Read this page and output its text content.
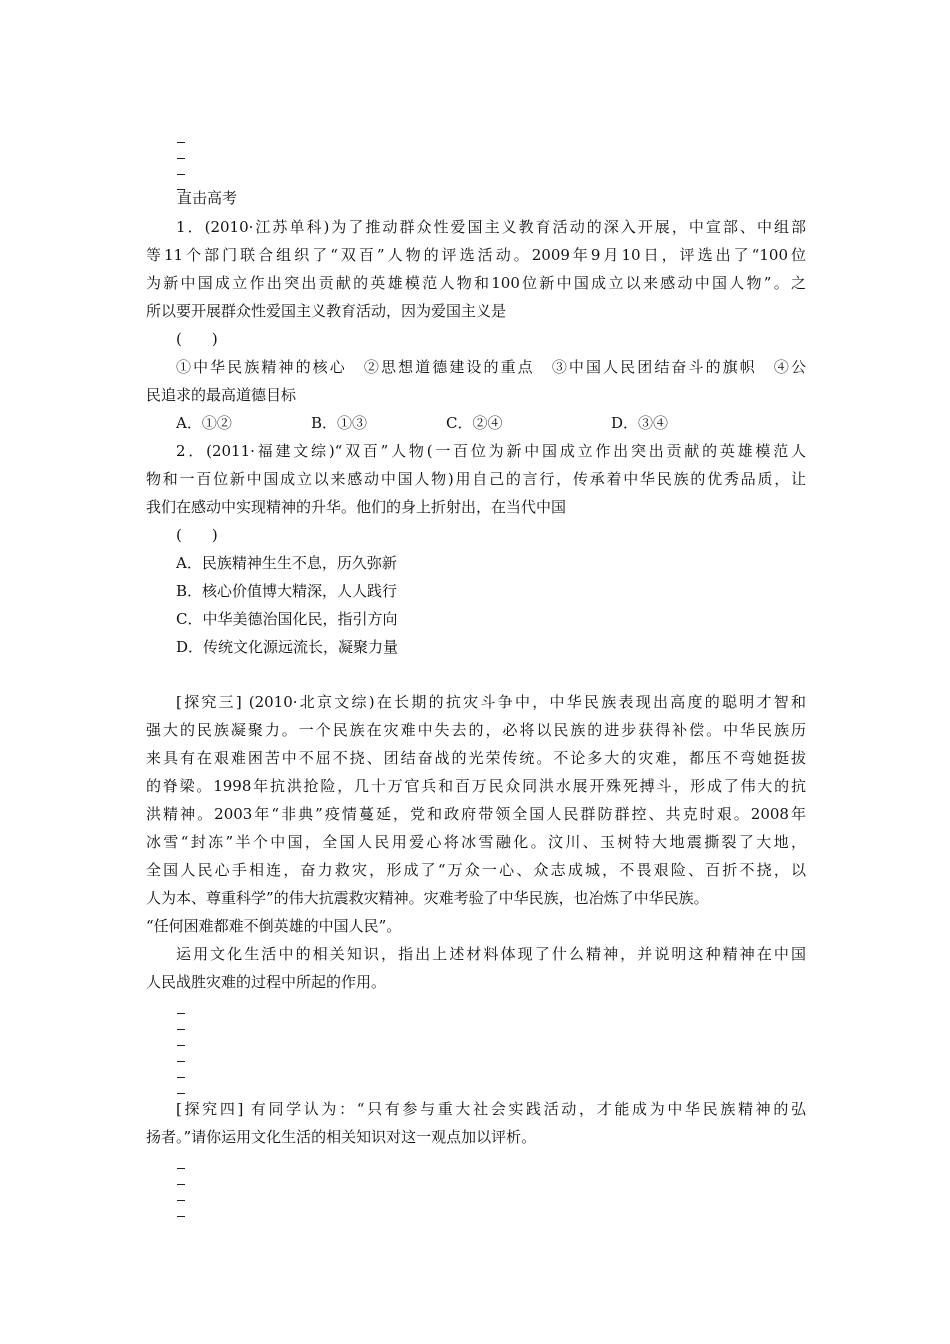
直击高考
1．(2010·江苏单科)为了推动群众性爱国主义教育活动的深入开展，中宣部、中组部
等11个部门联合组织了“双百”人物的评选活动。2009年9月10日，评选出了“100位
为新中国成立作出突出贡献的英雄模范人物和100位新中国成立以来感动中国人物”。之
所以要开展群众性爱国主义教育活动，因为爱国主义是
(　　)
①中华民族精神的核心　②思想道德建设的重点　③中国人民团结奋斗的旗帜　④公
民追求的最高道德目标
A．①②	B．①③	C．②④	D．③④
2．(2011·福建文综)“双百”人物(一百位为新中国成立作出突出贡献的英雄模范人
物和一百位新中国成立以来感动中国人物)用自己的言行，传承着中华民族的优秀品质，让
我们在感动中实现精神的升华。他们的身上折射出，在当代中国
(　　)
A．民族精神生生不息，历久弥新
B．核心价值博大精深，人人践行
C．中华美德治国化民，指引方向
D．传统文化源远流长，凝聚力量
[探究三] (2010·北京文综)在长期的抗灾斗争中，中华民族表现出高度的聪明才智和
强大的民族凝聚力。一个民族在灾难中失去的，必将以民族的进步获得补偿。中华民族历
来具有在艰难困苦中不屈不挠、团结奋战的光荣传统。不论多大的灾难，都压不弯她挺拔
的脊梁。1998年抗洪抢险，几十万官兵和百万民众同洪水展开殊死搏斗，形成了伟大的抗
洪精神。2003年“非典”疫情蔓延，党和政府带领全国人民群防群控、共克时艰。2008年
冰雪“封冻”半个中国，全国人民用爱心将冰雪融化。汶川、玉树特大地震撕裂了大地，
全国人民心手相连，奋力救灾，形成了“万众一心、众志成城，不畏艰险、百折不挠，以
人为本、尊重科学”的伟大抗震救灾精神。灾难考验了中华民族，也冶炼了中华民族。
“任何困难都难不倒英雄的中国人民”。
运用文化生活中的相关知识，指出上述材料体现了什么精神，并说明这种精神在中国
人民战胜灾难的过程中所起的作用。
[探究四] 有同学认为：“只有参与重大社会实践活动，才能成为中华民族精神的弘
扬者。”请你运用文化生活的相关知识对这一观点加以评析。
